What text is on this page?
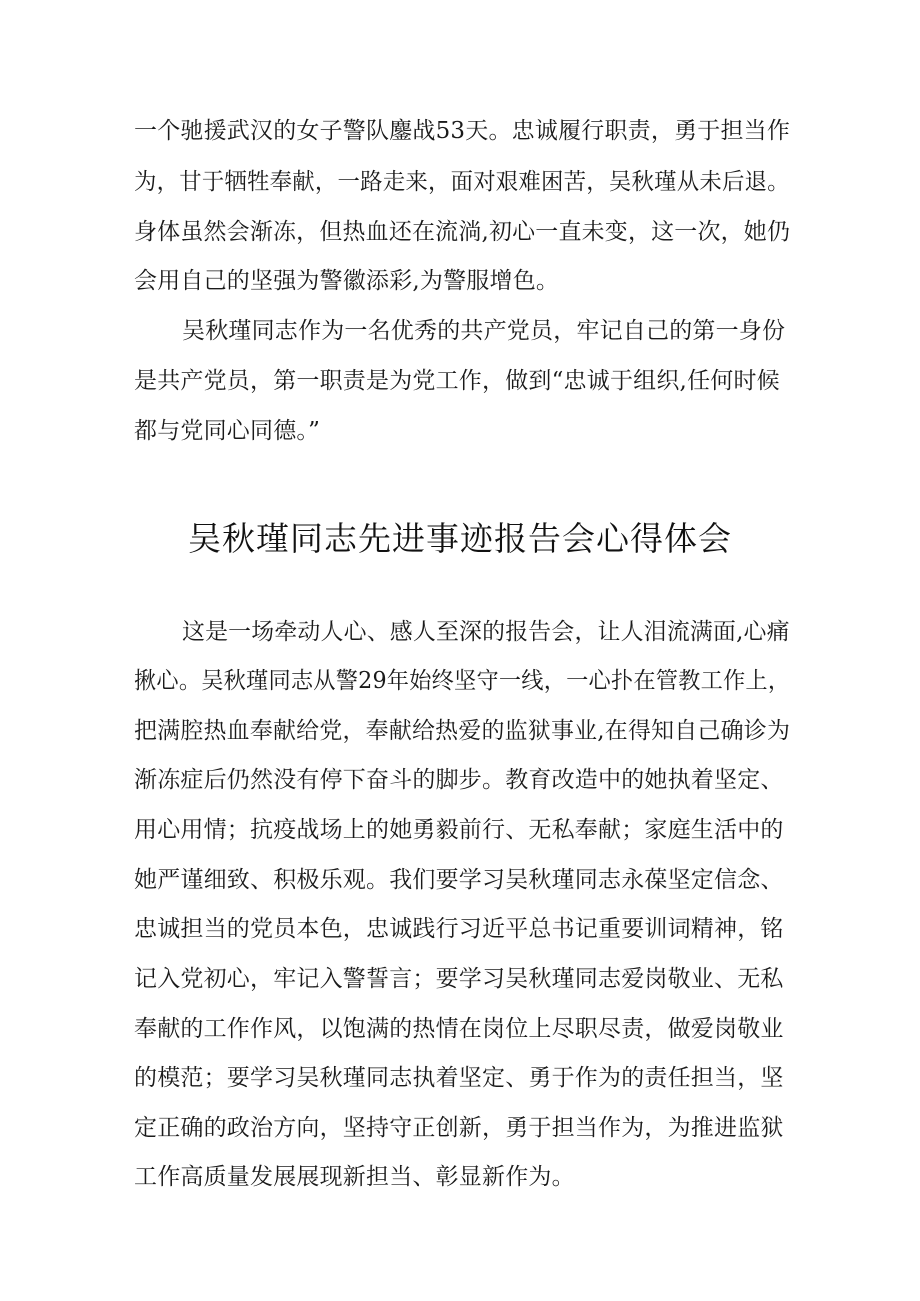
一个驰援武汉的女子警队鏖战53天。忠诚履行职责，勇于担当作
为，甘于牺牲奉献，一路走来，面对艰难困苦，吴秋瑾从未后退。
身体虽然会渐冻，但热血还在流淌,初心一直未变，这一次，她仍
会用自己的坚强为警徽添彩,为警服增色。
吴秋瑾同志作为一名优秀的共产党员，牢记自己的第一身份
是共产党员，第一职责是为党工作，做到“忠诚于组织,任何时候
都与党同心同德。”
吴秋瑾同志先进事迹报告会心得体会
这是一场牵动人心、感人至深的报告会，让人泪流满面,心痛
揪心。吴秋瑾同志从警29年始终坚守一线，一心扑在管教工作上，
把满腔热血奉献给党，奉献给热爱的监狱事业,在得知自己确诊为
渐冻症后仍然没有停下奋斗的脚步。教育改造中的她执着坚定、
用心用情；抗疫战场上的她勇毅前行、无私奉献；家庭生活中的
她严谨细致、积极乐观。我们要学习吴秋瑾同志永葆坚定信念、
忠诚担当的党员本色，忠诚践行习近平总书记重要训词精神，铭
记入党初心，牢记入警誓言；要学习吴秋瑾同志爱岗敬业、无私
奉献的工作作风，以饱满的热情在岗位上尽职尽责，做爱岗敬业
的模范；要学习吴秋瑾同志执着坚定、勇于作为的责任担当，坚
定正确的政治方向，坚持守正创新，勇于担当作为，为推进监狱
工作高质量发展展现新担当、彰显新作为。
